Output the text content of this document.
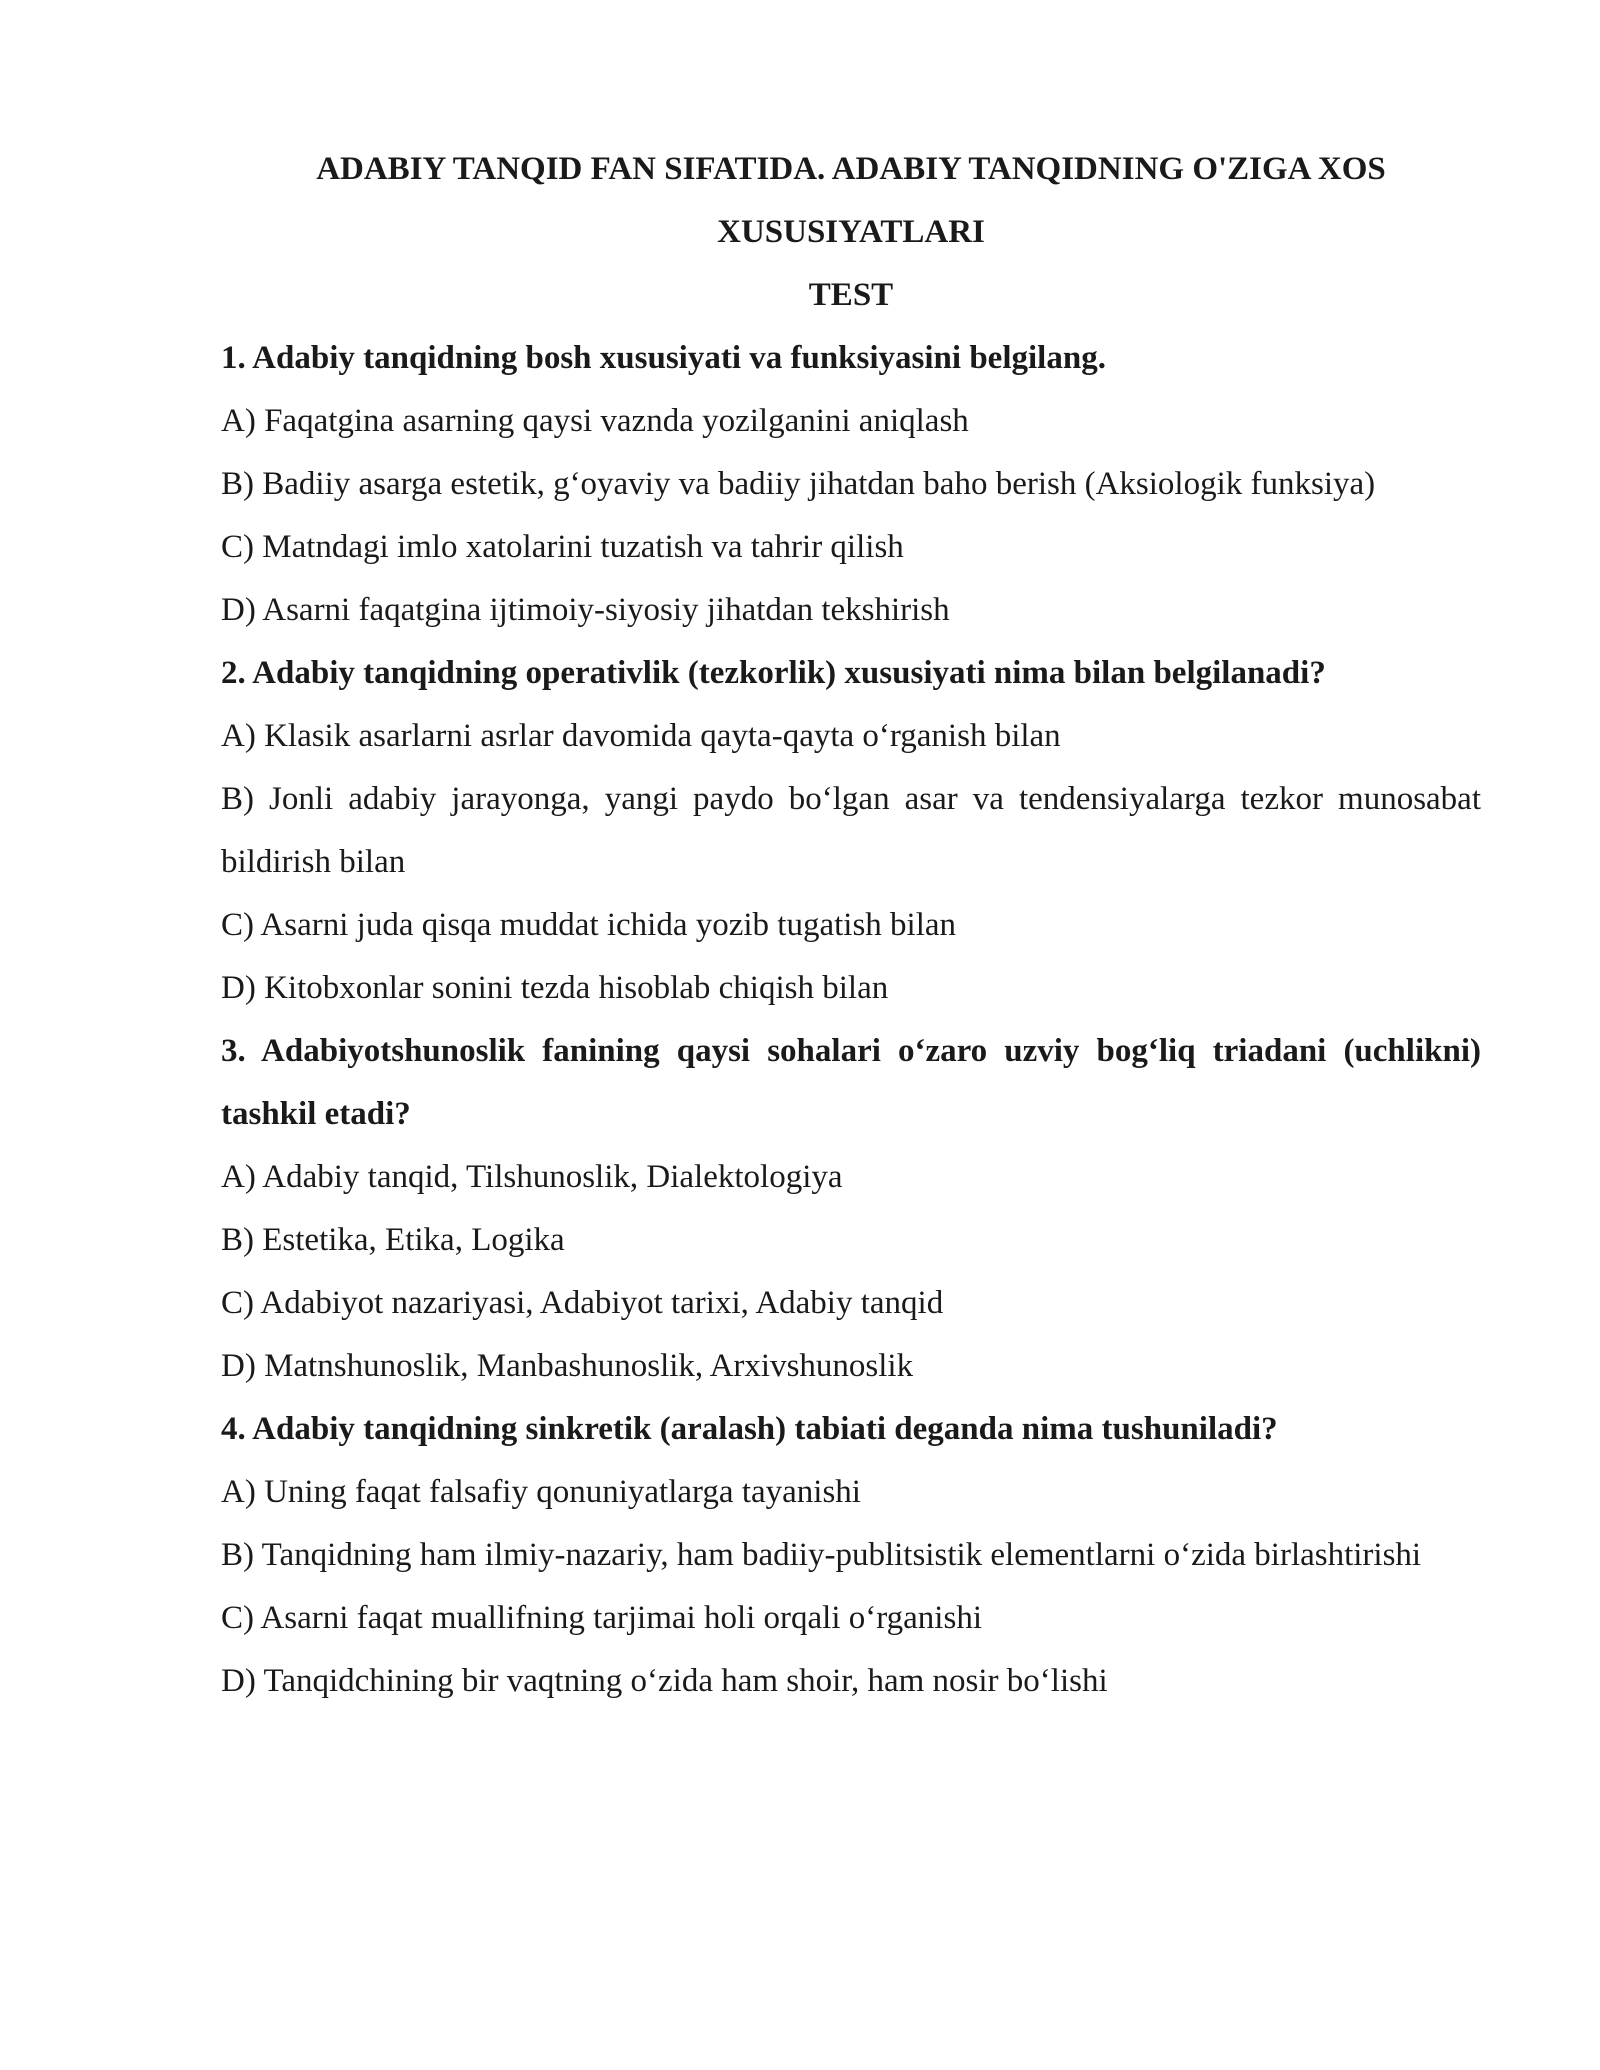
ADABIY TANQID FAN SIFATIDA. ADABIY TANQIDNING O'ZIGA XOS

XUSUSIYATLARI

TEST

1. Adabiy tanqidning bosh xususiyati va funksiyasini belgilang.

A) Faqatgina asarning qaysi vaznda yozilganini aniqlash

B) Badiiy asarga estetik, g‘oyaviy va badiiy jihatdan baho berish (Aksiologik funksiya)

C) Matndagi imlo xatolarini tuzatish va tahrir qilish

D) Asarni faqatgina ijtimoiy-siyosiy jihatdan tekshirish

2. Adabiy tanqidning operativlik (tezkorlik) xususiyati nima bilan belgilanadi?

A) Klasik asarlarni asrlar davomida qayta-qayta o‘rganish bilan

B) Jonli adabiy jarayonga, yangi paydo bo‘lgan asar va tendensiyalarga tezkor munosabat bildirish bilan

C) Asarni juda qisqa muddat ichida yozib tugatish bilan

D) Kitobxonlar sonini tezda hisoblab chiqish bilan

3. Adabiyotshunoslik fanining qaysi sohalari o‘zaro uzviy bog‘liq triadani (uchlikni) tashkil etadi?

A) Adabiy tanqid, Tilshunoslik, Dialektologiya

B) Estetika, Etika, Logika

C) Adabiyot nazariyasi, Adabiyot tarixi, Adabiy tanqid

D) Matnshunoslik, Manbashunoslik, Arxivshunoslik

4. Adabiy tanqidning sinkretik (aralash) tabiati deganda nima tushuniladi?

A) Uning faqat falsafiy qonuniyatlarga tayanishi

B) Tanqidning ham ilmiy-nazariy, ham badiiy-publitsistik elementlarni o‘zida birlashtirishi

C) Asarni faqat muallifning tarjimai holi orqali o‘rganishi

D) Tanqidchining bir vaqtning o‘zida ham shoir, ham nosir bo‘lishi
